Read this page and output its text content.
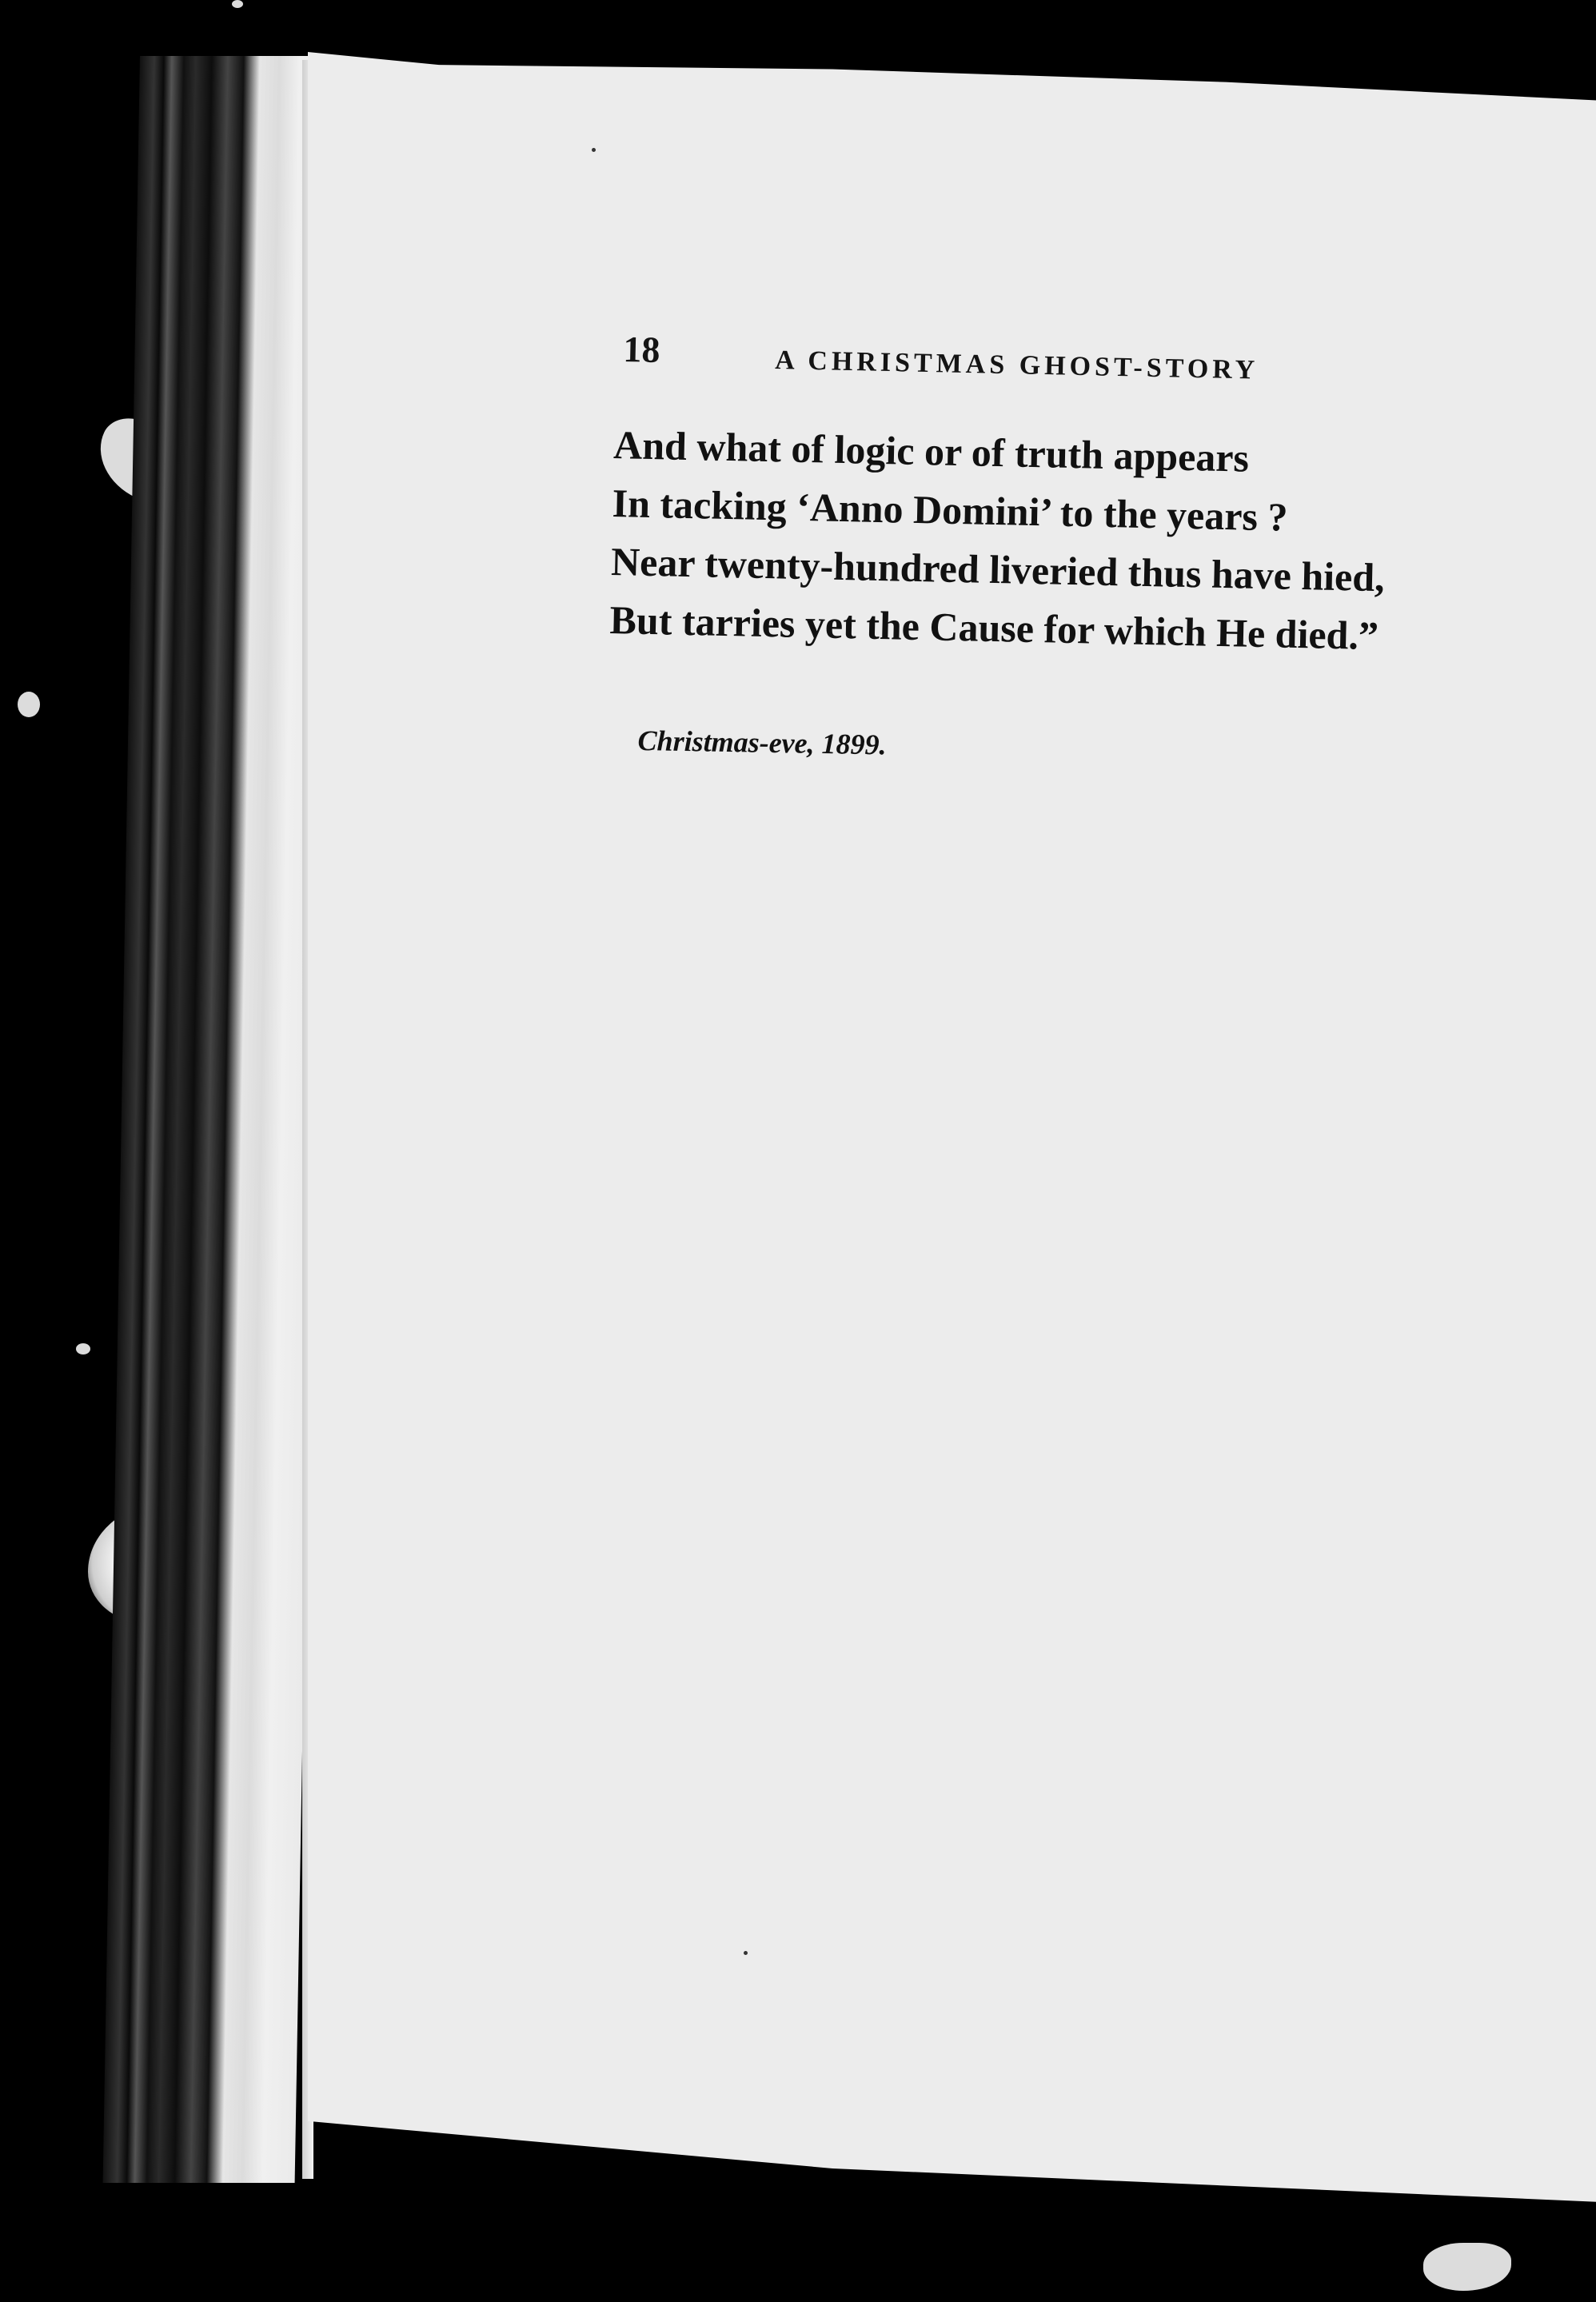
18	A CHRISTMAS GHOST-STORY
And what of logic or of truth appears
In tacking ‘Anno Domini’ to the years ?
Near twenty-hundred liveried thus have hied,
But tarries yet the Cause for which He died.”
Christmas-eve, 1899.
